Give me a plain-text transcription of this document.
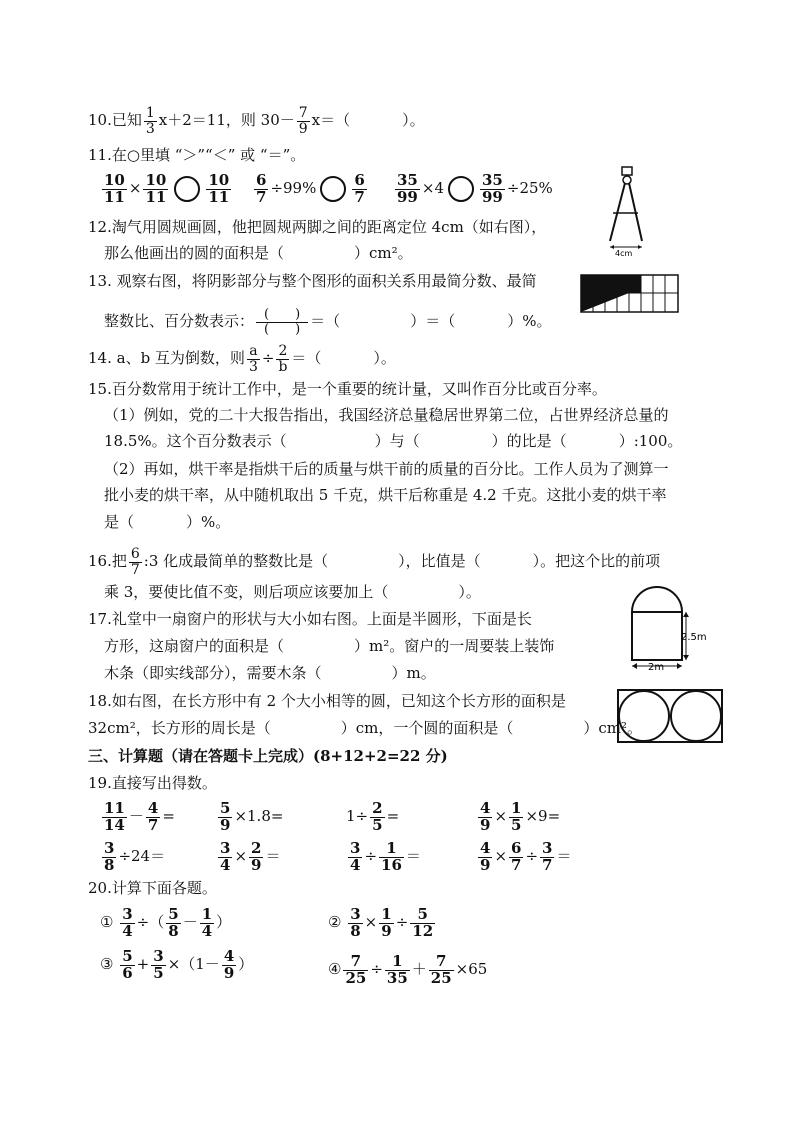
10.已知 $\frac{1}{3} x+2=11$，则 $30- \frac{7}{9} x=$（	）。
11.在○里填 “＞”“＜” 或 “＝”。
$\frac{10}{11} \times \frac{10}{11}$	$\frac{10}{11} \frac{6}{7} \div 99\% \frac{6}{7} \frac{35}{99} \times 4 \frac{35}{99} \div 25\%$
4cm
12.淘气用圆规画圆，他把圆规两脚之间的距离定位 4cm（如右图），
那么他画出的圆的面积是（	）cm²。
13. 观察右图，将阴影部分与整个图形的面积关系用最简分数、最简
整数比、百分数表示： $\frac{( )}{( )}$ ＝（	）＝（	）%。
14. a、b 互为倒数，则 $\frac{a}{3} \div \frac{2}{b}$ ＝（	）。
15.百分数常用于统计工作中，是一个重要的统计量，又叫作百分比或百分率。
（1）例如，党的二十大报告指出，我国经济总量稳居世界第二位，占世界经济总量的
18.5%。这个百分数表示（	）与（	）的比是（	）:100。
（2）再如，烘干率是指烘干后的质量与烘干前的质量的百分比。工作人员为了测算一
批小麦的烘干率，从中随机取出 5 千克，烘干后称重是 4.2 千克。这批小麦的烘干率
是（	）%。
16.把 $\frac{6}{7}$ :3 化成最简单的整数比是（	），比值是（	）。把这个比的前项
乘 3，要使比值不变，则后项应该要加上（	）。
17.礼堂中一扇窗户的形状与大小如右图。上面是半圆形，下面是长
方形，这扇窗户的面积是（	）m²。窗户的一周要装上装饰
木条（即实线部分），需要木条（	）m。
2.5m
2m
18.如右图，在长方形中有 2 个大小相等的圆，已知这个长方形的面积是
32cm²，长方形的周长是（	）cm，一个圆的面积是（	）cm²。
三、计算题（请在答题卡上完成）(8+12+2=22 分)
19.直接写出得数。
$\frac{11}{14} - \frac{4}{7}$ =	$\frac{5}{9} \times 1.8=$	$1\div \frac{2}{5}$ =	$\frac{4}{9} \times \frac{1}{5} \times 9=$
$\frac{3}{8} \div 24=$	$\frac{3}{4} \times \frac{2}{9}$ ＝	$\frac{3}{4} \div \frac{1}{16}$ ＝	$\frac{4}{9} \times \frac{6}{7} \div \frac{3}{7}$ ＝
20.计算下面各题。
① $\frac{3}{4}$ ÷（ $\frac{5}{8} - \frac{1}{4}$ ）	② $\frac{3}{8} \times \frac{1}{9} \div \frac{5}{12}$
③ $\frac{5}{6} + \frac{3}{5} \times(1- \frac{4}{9}$ ）	④ $\frac{7}{25} \div \frac{1}{35} + \frac{7}{25} \times 65$
